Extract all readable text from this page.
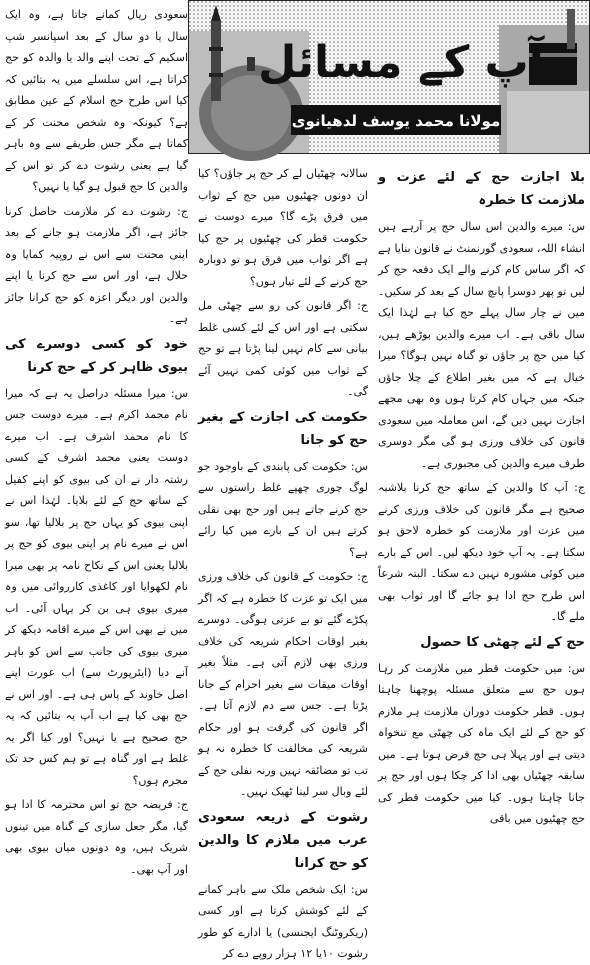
آپ کے مسائل
مولانا محمد یوسف لدھیانوی

بلا اجازت حج کے لئے عزت و ملازمت کا خطرہ

س: میرے والدین اس سال حج پر آرہے ہیں انشاء اللہ، سعودی گورنمنٹ نے قانون بنایا ہے کہ اگر ساس کام کرنے والے ایک دفعہ حج کر لیں تو پھر دوسرا پانچ سال کے بعد کر سکیں۔ میں نے چار سال پہلے حج کیا ہے لہٰذا ایک سال باقی ہے۔ اب میرے والدین بوڑھے ہیں، کیا میں حج پر جاؤں تو گناہ نہیں ہوگا؟ میرا خیال ہے کہ میں بغیر اطلاع کے چلا جاؤں جبکہ میں جہاں کام کرتا ہوں وہ بھی مجھے اجازت نہیں دیں گے، اس معاملہ میں سعودی قانون کی خلاف ورزی ہو گی مگر دوسری طرف میرے والدین کی مجبوری ہے۔

ج: آپ کا والدین کے ساتھ حج کرنا بلاشبہ صحیح ہے مگر قانون کی خلاف ورزی کرنے میں عزت اور ملازمت کو خطرہ لاحق ہو سکتا ہے۔ یہ آپ خود دیکھ لیں۔ اس کے بارے میں کوئی مشورہ نہیں دے سکتا۔ البتہ شرعاً اس طرح حج ادا ہو جائے گا اور ثواب بھی ملے گا۔

حج کے لئے چھٹی کا حصول

س: میں حکومت قطر میں ملازمت کر رہا ہوں حج سے متعلق مسئلہ پوچھنا چاہتا ہوں۔ قطر حکومت دوران ملازمت ہر ملازم کو حج کے لئے ایک ماہ کی چھٹی مع تنخواہ دیتی ہے اور پہلا ہی حج فرض ہوتا ہے۔ میں سابقہ چھٹیاں بھی ادا کر چکا ہوں اور حج پر جانا چاہتا ہوں۔ کیا میں حکومت قطر کی حج چھٹیوں میں باقی

سالانہ چھٹیاں لے کر حج پر جاؤں؟ کیا ان دونوں چھٹیوں میں حج کے ثواب میں فرق پڑے گا؟ میرے دوست نے حکومت قطر کی چھٹیوں پر حج کیا ہے اگر ثواب میں فرق ہو تو دوبارہ حج کرنے کے لئے تیار ہوں؟

ج: اگر قانون کی رو سے چھٹی مل سکتی ہے اور اس کے لئے کسی غلط بیانی سے کام نہیں لینا پڑتا ہے تو حج کے ثواب میں کوئی کمی نہیں آئے گی۔

حکومت کی اجازت کے بغیر حج کو جانا

س: حکومت کی پابندی کے باوجود جو لوگ چوری چھپے غلط راستوں سے حج کرنے جاتے ہیں اور حج بھی نقلی کرتے ہیں ان کے بارے میں کیا رائے ہے؟

ج: حکومت کے قانون کی خلاف ورزی میں ایک تو عزت کا خطرہ ہے کہ اگر پکڑے گئے تو بے عزتی ہوگی۔ دوسرے بغیر اوقات احکام شریعہ کی خلاف ورزی بھی لازم آتی ہے۔ مثلاً بغیر اوقات میقات سے بغیر احرام کے جانا پڑتا ہے۔ جس سے دم لازم آتا ہے۔ اگر قانون کی گرفت ہو اور حکام شریعہ کی مخالفت کا خطرہ نہ ہو تب تو مضائقہ نہیں ورنہ نفلی حج کے لئے وبال سر لینا ٹھیک نہیں۔

رشوت کے ذریعہ سعودی عرب میں ملازم کا والدین کو حج کرانا

س: ایک شخص ملک سے باہر کمانے کے لئے کوشش کرتا ہے اور کسی (ریکروٹنگ ایجنسی) یا ادارے کو طور رشوت ۱۰یا ۱۲ ہزار روپے دے کر

سعودی ریال کمانے جاتا ہے، وہ ایک سال یا دو سال کے بعد اسپانسر شپ اسکیم کے تحت اپنے والد یا والدہ کو حج کراتا ہے، اس سلسلے میں یہ بتائیں کہ کیا اس طرح حج اسلام کے عین مطابق ہے؟ کیونکہ وہ شخص محنت کر کے کماتا ہے مگر جس طریقے سے وہ باہر گیا ہے یعنی رشوت دے کر تو اس کے والدین کا حج قبول ہو گیا یا نہیں؟

ج: رشوت دے کر ملازمت حاصل کرنا جائز ہے، اگر ملازمت ہو جانے کے بعد اپنی محنت سے اس نے روپیہ کمایا وہ حلال ہے، اور اس سے حج کرنا یا اپنے والدین اور دیگر اعزہ کو حج کرانا جائز ہے۔

خود کو کسی دوسرے کی بیوی ظاہر کر کے حج کرنا

س: میرا مسئلہ دراصل یہ ہے کہ میرا نام محمد اکرم ہے۔ میرے دوست جس کا نام محمد اشرف ہے۔ اب میرے دوست یعنی محمد اشرف کے کسی رشتہ دار نے ان کی بیوی کو اپنے کفیل کے ساتھ حج کے لئے بلایا۔ لہٰذا اس نے اپنی بیوی کو یہاں حج پر بلالیا تھا، سو اس نے میرے نام پر اپنی بیوی کو حج پر بلالیا یعنی اس کے نکاح نامہ پر بھی میرا نام لکھوایا اور کاغذی کارروائی میں وہ میری بیوی ہی بن کر یہاں آئی۔ اب میں نے بھی اس کے میرے اقامہ دیکھ کر میری بیوی کی جانب سے اس کو باہر آنے دیا (ایئرپورٹ سے) اب عورت اپنے اصل خاوند کے پاس ہی ہے۔ اور اس نے حج بھی کیا ہے اب آپ یہ بتائیں کہ یہ حج صحیح ہے یا نہیں؟ اور کیا اگر یہ غلط ہے اور گناہ ہے تو ہم کس حد تک مجرم ہوں؟

ج: فریضہ حج تو اس محترمہ کا ادا ہو گیا، مگر جعل سازی کے گناہ میں تینوں شریک ہیں، وہ دونوں میاں بیوی بھی اور آپ بھی۔
